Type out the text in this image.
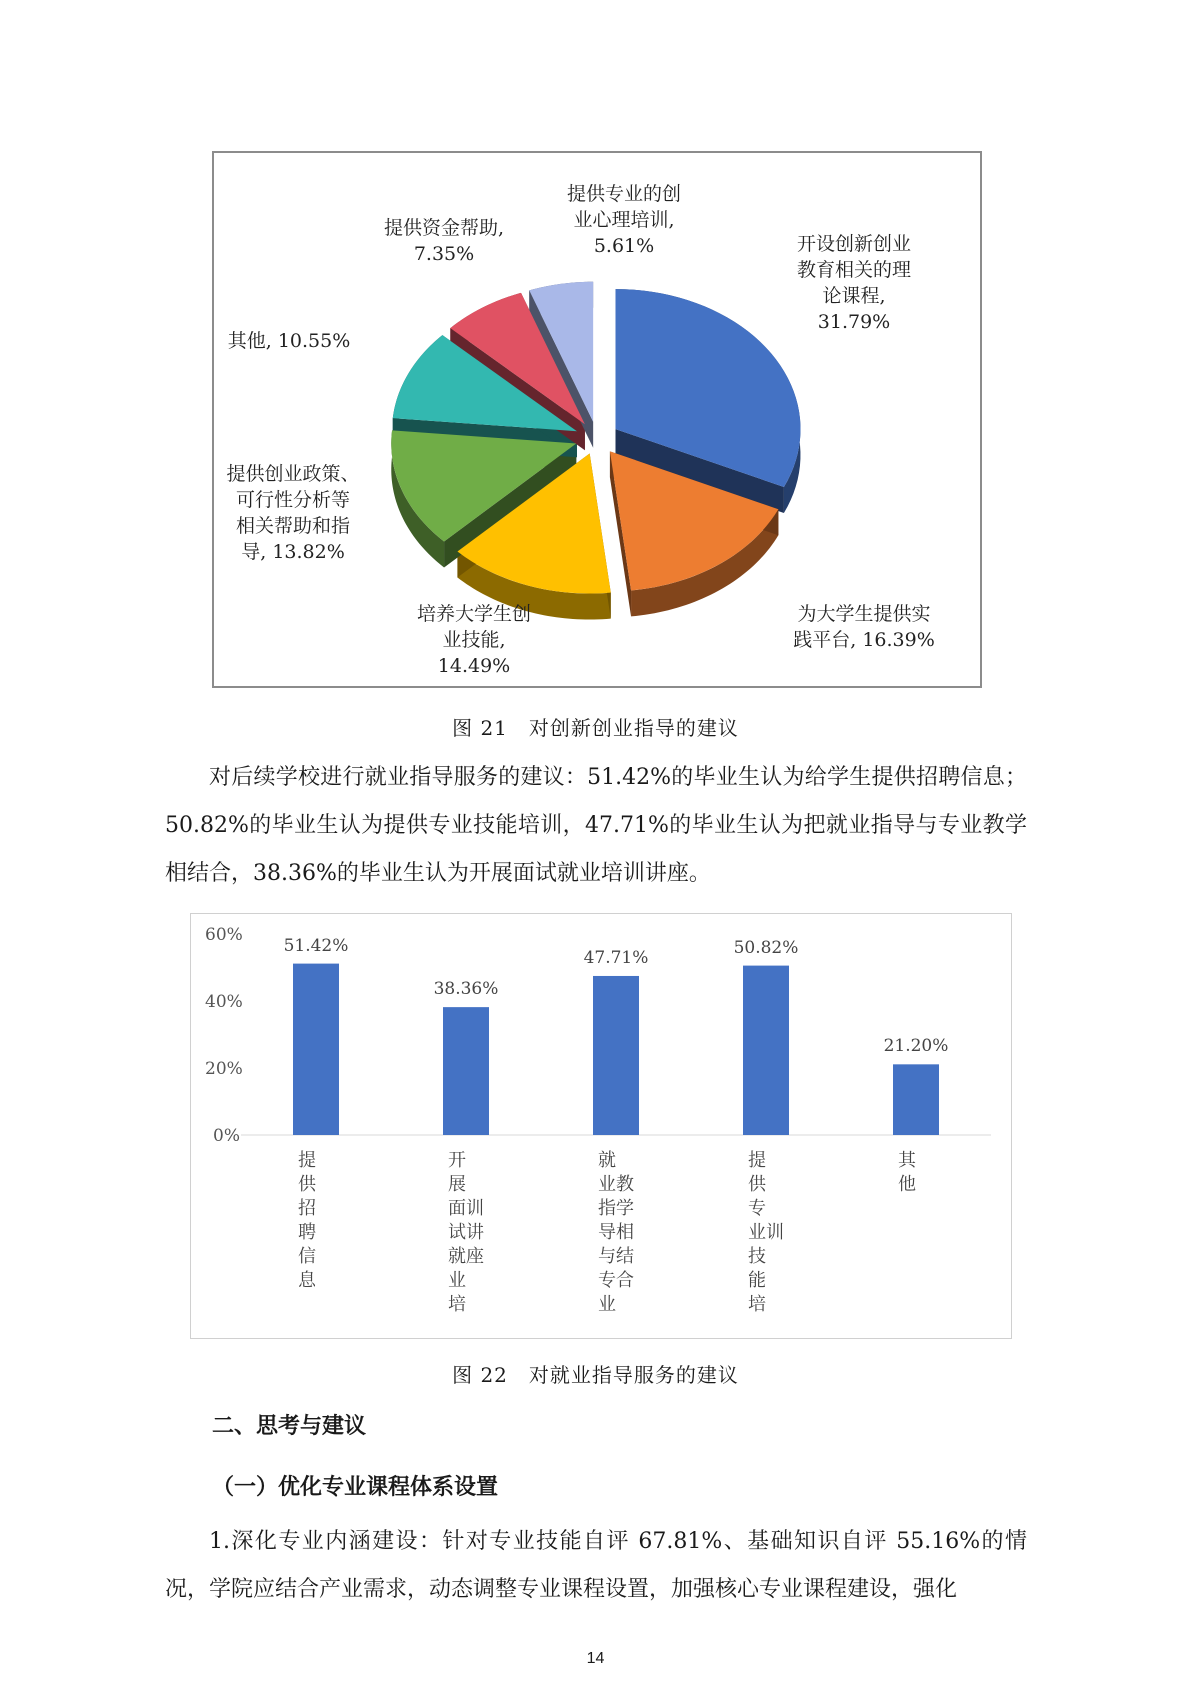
开设创新创业
教育相关的理
论课程,
31.79%
为大学生提供实
践平台, 16.39%
培养大学生创
业技能,
14.49%
提供创业政策、
可行性分析等
相关帮助和指
导, 13.82%
其他, 10.55%
提供资金帮助,
7.35%
提供专业的创
业心理培训,
5.61%
图 21　对创新创业指导的建议
对后续学校进行就业指导服务的建议：51.42%的毕业生认为给学生提供招聘信息；50.82%的毕业生认为提供专业技能培训，47.71%的毕业生认为把就业指导与专业教学相结合，38.36%的毕业生认为开展面试就业培训讲座。
0%
20%
40%
60%
51.42%
38.36%
47.71%
50.82%
21.20%
提
供
招
聘
信
息
开
展
面训
试讲
就座
业
培
就
业教
指学
导相
与结
专合
业
提
供
专
业训
技
能
培
其
他
图 22　对就业指导服务的建议
二、思考与建议
（一）优化专业课程体系设置
1.深化专业内涵建设：针对专业技能自评 67.81%、基础知识自评 55.16%的情况，学院应结合产业需求，动态调整专业课程设置，加强核心专业课程建设，强化
14
